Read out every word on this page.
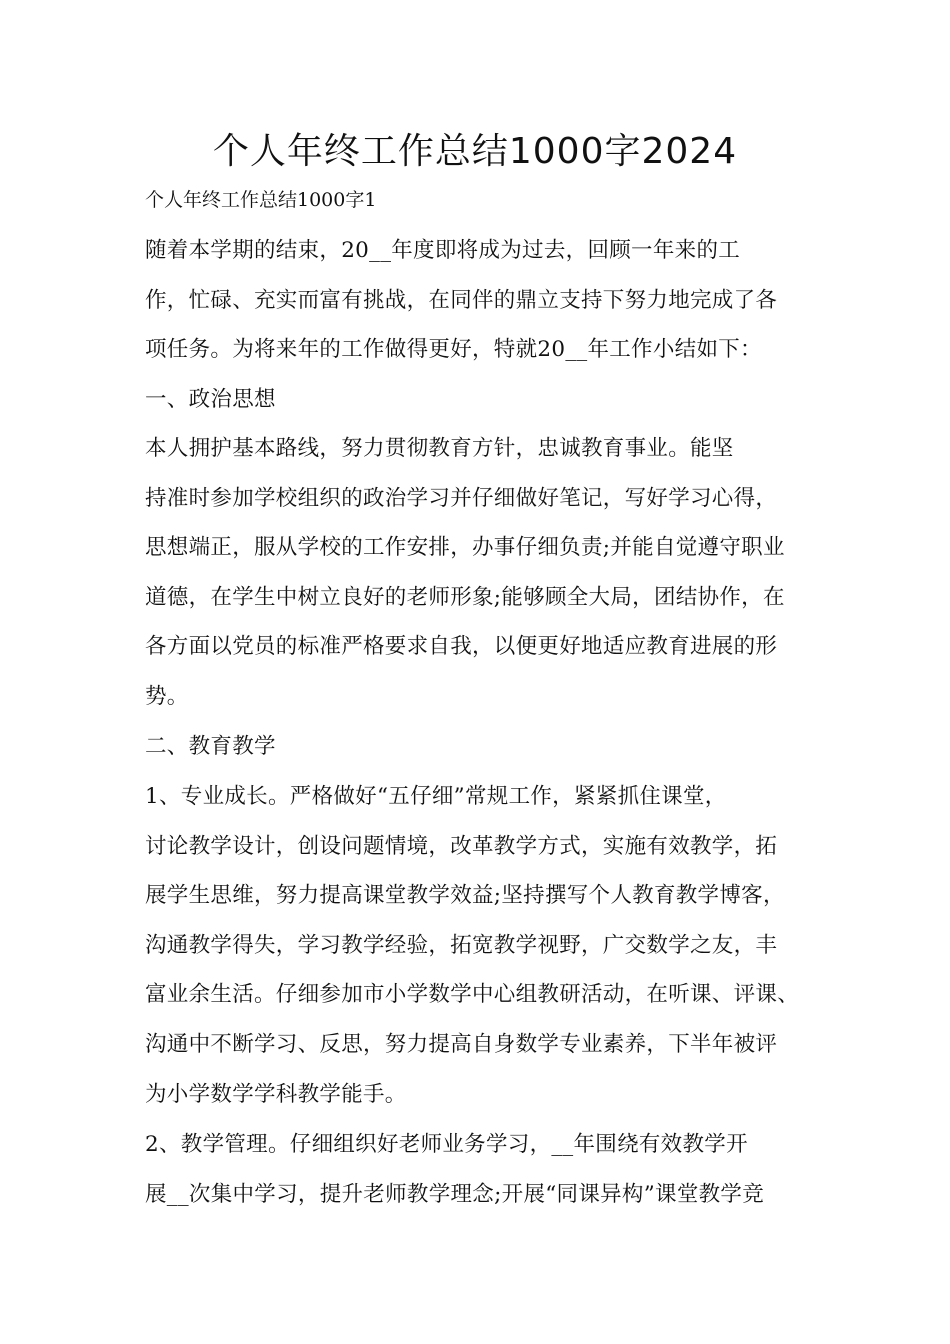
个人年终工作总结1000字2024
个人年终工作总结1000字1
随着本学期的结束，20__年度即将成为过去，回顾一年来的工
作，忙碌、充实而富有挑战，在同伴的鼎立支持下努力地完成了各
项任务。为将来年的工作做得更好，特就20__年工作小结如下：
一、政治思想
本人拥护基本路线，努力贯彻教育方针，忠诚教育事业。能坚
持准时参加学校组织的政治学习并仔细做好笔记，写好学习心得，
思想端正，服从学校的工作安排，办事仔细负责;并能自觉遵守职业
道德，在学生中树立良好的老师形象;能够顾全大局，团结协作，在
各方面以党员的标准严格要求自我，以便更好地适应教育进展的形
势。
二、教育教学
1、专业成长。严格做好“五仔细”常规工作，紧紧抓住课堂，
讨论教学设计，创设问题情境，改革教学方式，实施有效教学，拓
展学生思维，努力提高课堂教学效益;坚持撰写个人教育教学博客，
沟通教学得失，学习教学经验，拓宽教学视野，广交数学之友，丰
富业余生活。仔细参加市小学数学中心组教研活动，在听课、评课、
沟通中不断学习、反思，努力提高自身数学专业素养，下半年被评
为小学数学学科教学能手。
2、教学管理。仔细组织好老师业务学习，__年围绕有效教学开
展__次集中学习，提升老师教学理念;开展“同课异构”课堂教学竞
